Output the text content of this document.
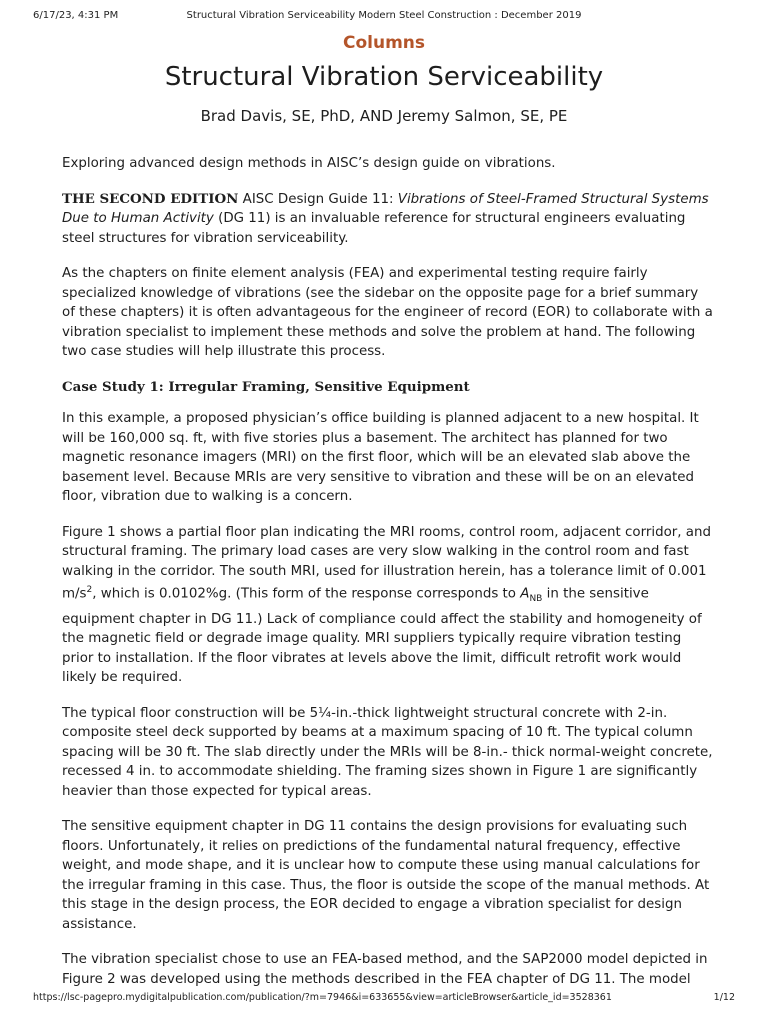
6/17/23, 4:31 PM	Structural Vibration Serviceability Modern Steel Construction : December 2019
Columns
Structural Vibration Serviceability
Brad Davis, SE, PhD, AND Jeremy Salmon, SE, PE

Exploring advanced design methods in AISC’s design guide on vibrations.

THE SECOND EDITION AISC Design Guide 11: Vibrations of Steel-Framed Structural Systems Due to Human Activity (DG 11) is an invaluable reference for structural engineers evaluating steel structures for vibration serviceability.

As the chapters on finite element analysis (FEA) and experimental testing require fairly specialized knowledge of vibrations (see the sidebar on the opposite page for a brief summary of these chapters) it is often advantageous for the engineer of record (EOR) to collaborate with a vibration specialist to implement these methods and solve the problem at hand. The following two case studies will help illustrate this process.

Case Study 1: Irregular Framing, Sensitive Equipment

In this example, a proposed physician’s office building is planned adjacent to a new hospital. It will be 160,000 sq. ft, with five stories plus a basement. The architect has planned for two magnetic resonance imagers (MRI) on the first floor, which will be an elevated slab above the basement level. Because MRIs are very sensitive to vibration and these will be on an elevated floor, vibration due to walking is a concern.

Figure 1 shows a partial floor plan indicating the MRI rooms, control room, adjacent corridor, and structural framing. The primary load cases are very slow walking in the control room and fast walking in the corridor. The south MRI, used for illustration herein, has a tolerance limit of 0.001 $m/s^2$, which is 0.0102%g. (This form of the response corresponds to $A_{NB}$ in the sensitive equipment chapter in DG 11.) Lack of compliance could affect the stability and homogeneity of the magnetic field or degrade image quality. MRI suppliers typically require vibration testing prior to installation. If the floor vibrates at levels above the limit, difficult retrofit work would likely be required.

The typical floor construction will be 5¼-in.-thick lightweight structural concrete with 2-in. composite steel deck supported by beams at a maximum spacing of 10 ft. The typical column spacing will be 30 ft. The slab directly under the MRIs will be 8-in.- thick normal-weight concrete, recessed 4 in. to accommodate shielding. The framing sizes shown in Figure 1 are significantly heavier than those expected for typical areas.

The sensitive equipment chapter in DG 11 contains the design provisions for evaluating such floors. Unfortunately, it relies on predictions of the fundamental natural frequency, effective weight, and mode shape, and it is unclear how to compute these using manual calculations for the irregular framing in this case. Thus, the floor is outside the scope of the manual methods. At this stage in the design process, the EOR decided to engage a vibration specialist for design assistance.

The vibration specialist chose to use an FEA-based method, and the SAP2000 model depicted in Figure 2 was developed using the methods described in the FEA chapter of DG 11. The model

https://lsc-pagepro.mydigitalpublication.com/publication/?m=7946&i=633655&view=articleBrowser&article_id=3528361	1/12
